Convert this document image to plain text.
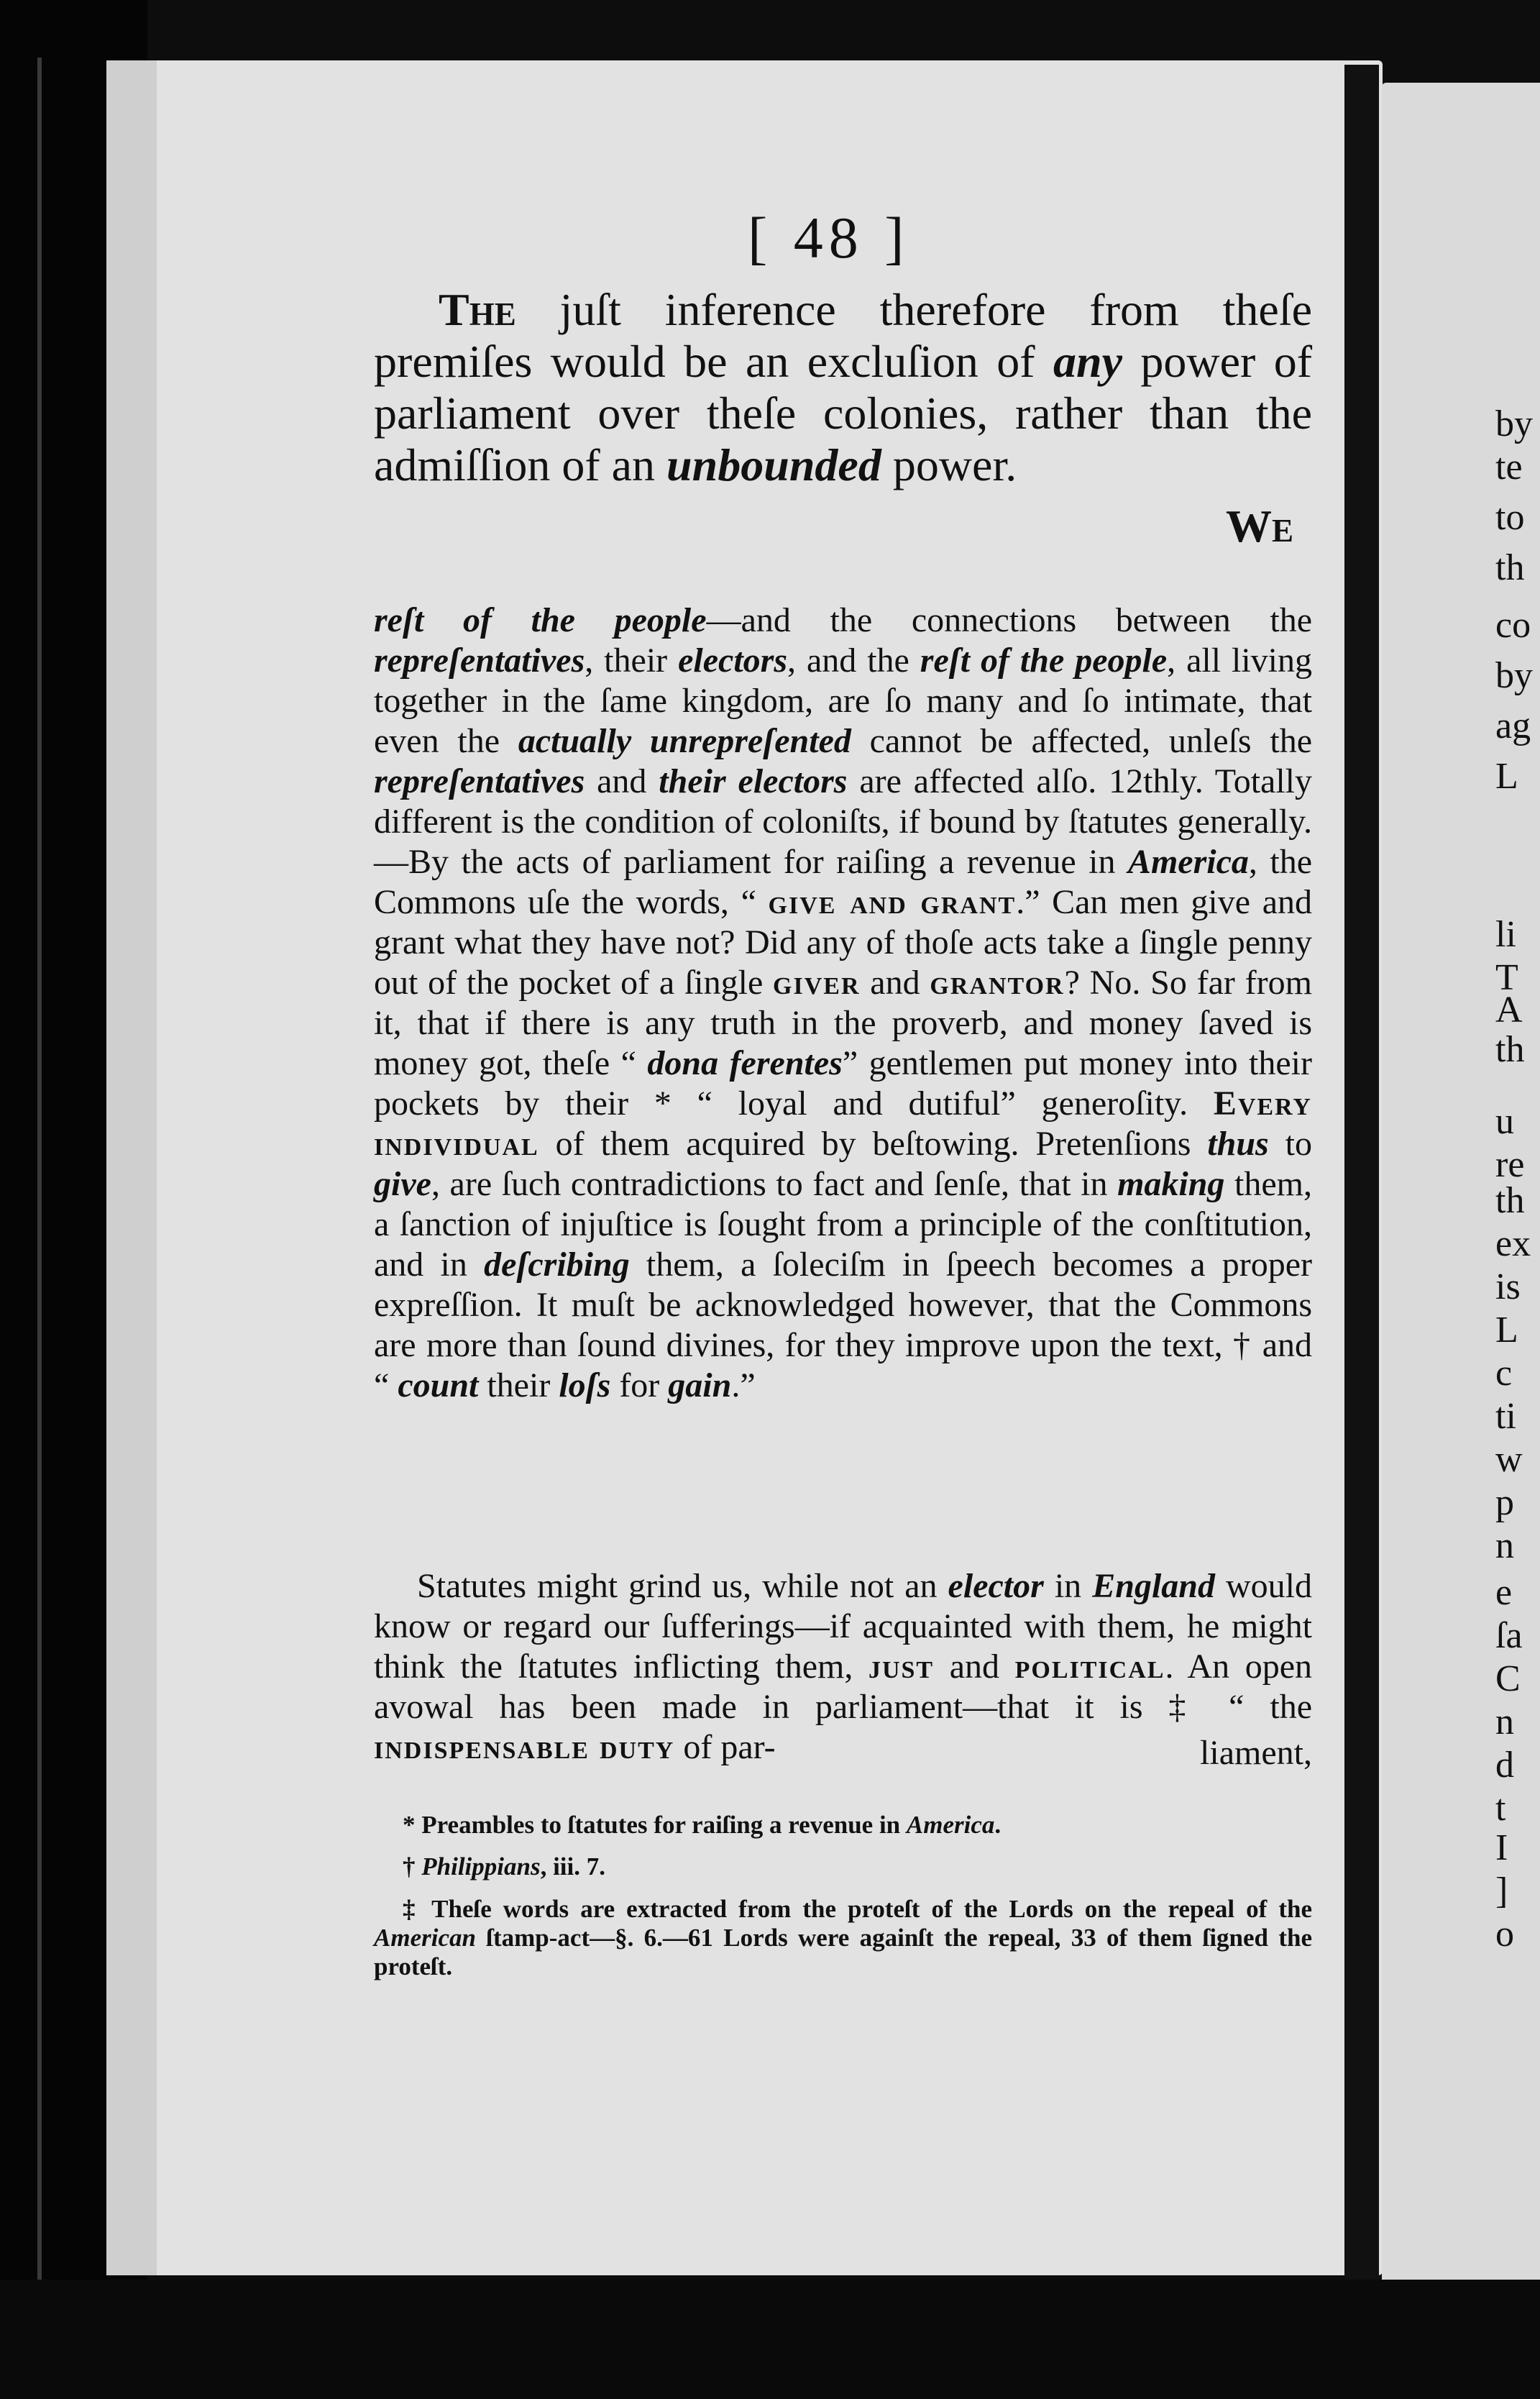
[ 48 ]

The juſt inference therefore from theſe premiſes would be an excluſion of any power of parliament over theſe colonies, rather than the admiſſion of an unbounded power.

We

reſt of the people—and the connections between the repreſentatives, their electors, and the reſt of the people, all living together in the ſame kingdom, are ſo many and ſo intimate, that even the actually unrepreſented cannot be affected, unleſs the repreſentatives and their electors are affected alſo. 12thly. Totally different is the condition of coloniſts, if bound by ſtatutes generally.—By the acts of parliament for raiſing a revenue in America, the Commons uſe the words, “ give and grant.” Can men give and grant what they have not? Did any of thoſe acts take a ſingle penny out of the pocket of a ſingle giver and grantor? No. So far from it, that if there is any truth in the proverb, and money ſaved is money got, theſe “ dona ferentes” gentlemen put money into their pockets by their * “ loyal and dutiful” generoſity. Every individual of them acquired by beſtowing. Pretenſions thus to give, are ſuch contradictions to fact and ſenſe, that in making them, a ſanction of injuſtice is ſought from a principle of the conſtitution, and in deſcribing them, a ſoleciſm in ſpeech becomes a proper expreſſion. It muſt be acknowledged however, that the Commons are more than ſound divines, for they improve upon the text, † and “ count their loſs for gain.”

Statutes might grind us, while not an elector in England would know or regard our ſufferings—if acquainted with them, he might think the ſtatutes inflicting them, just and political. An open avowal has been made in parliament—that it is ‡ “ the indispensable duty of par-	liament,

* Preambles to ſtatutes for raiſing a revenue in America.

† Philippians, iii. 7.

‡ Theſe words are extracted from the proteſt of the Lords on the repeal of the American ſtamp-act—§. 6.—61 Lords were againſt the repeal, 33 of them ſigned the proteſt.

by
te
to
th
co
by
ag
L
li
T
A
th
u
re
th
ex
is
L
c
ti
w
p
n
e
ſa
C
n
d
t
I
]
o
